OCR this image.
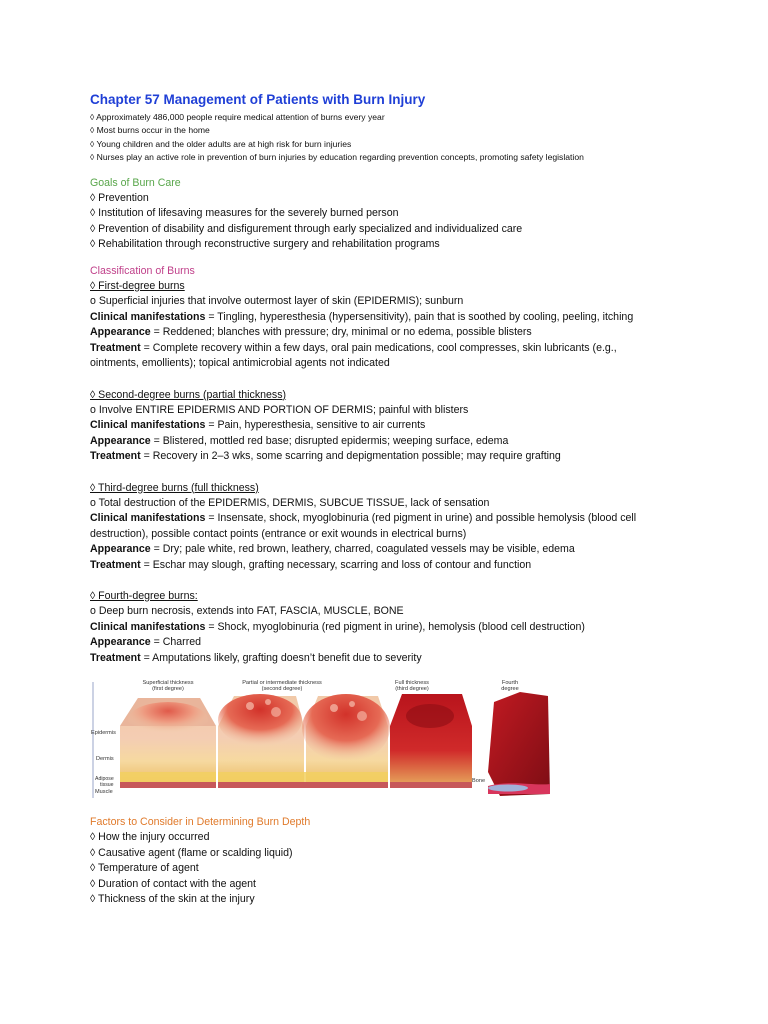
Chapter 57 Management of Patients with Burn Injury

◊ Approximately 486,000 people require medical attention of burns every year

◊ Most burns occur in the home

◊ Young children and the older adults are at high risk for burn injuries

◊ Nurses play an active role in prevention of burn injuries by education regarding prevention concepts, promoting safety legislation

Goals of Burn Care

◊ Prevention

◊ Institution of lifesaving measures for the severely burned person

◊ Prevention of disability and disfigurement through early specialized and individualized care

◊ Rehabilitation through reconstructive surgery and rehabilitation programs

Classification of Burns

◊ First-degree burns

o Superficial injuries that involve outermost layer of skin (EPIDERMIS); sunburn

Clinical manifestations = Tingling, hyperesthesia (hypersensitivity), pain that is soothed by cooling, peeling, itching

Appearance = Reddened; blanches with pressure; dry, minimal or no edema, possible blisters

Treatment = Complete recovery within a few days, oral pain medications, cool compresses, skin lubricants (e.g.,

ointments, emollients); topical antimicrobial agents not indicated

◊ Second-degree burns (partial thickness)

o Involve ENTIRE EPIDERMIS AND PORTION OF DERMIS; painful with blisters

Clinical manifestations = Pain, hyperesthesia, sensitive to air currents

Appearance = Blistered, mottled red base; disrupted epidermis; weeping surface, edema

Treatment = Recovery in 2–3 wks, some scarring and depigmentation possible; may require grafting

◊ Third-degree burns (full thickness)

o Total destruction of the EPIDERMIS, DERMIS, SUBCUE TISSUE, lack of sensation

Clinical manifestations = Insensate, shock, myoglobinuria (red pigment in urine) and possible hemolysis (blood cell

destruction), possible contact points (entrance or exit wounds in electrical burns)

Appearance = Dry; pale white, red brown, leathery, charred, coagulated vessels may be visible, edema

Treatment = Eschar may slough, grafting necessary, scarring and loss of contour and function

◊ Fourth-degree burns:

o Deep burn necrosis, extends into FAT, FASCIA, MUSCLE, BONE

Clinical manifestations = Shock, myoglobinuria (red pigment in urine), hemolysis (blood cell destruction)

Appearance = Charred

Treatment = Amputations likely, grafting doesn’t benefit due to severity

Superficial thickness
(first degree)
Partial or intermediate thickness
(second degree)
Full thickness
(third degree)
Fourth
degree
Epidermis
Dermis
Adipose
tissue
Muscle
Bone

Factors to Consider in Determining Burn Depth

◊ How the injury occurred

◊ Causative agent (flame or scalding liquid)

◊ Temperature of agent

◊ Duration of contact with the agent

◊ Thickness of the skin at the injury
